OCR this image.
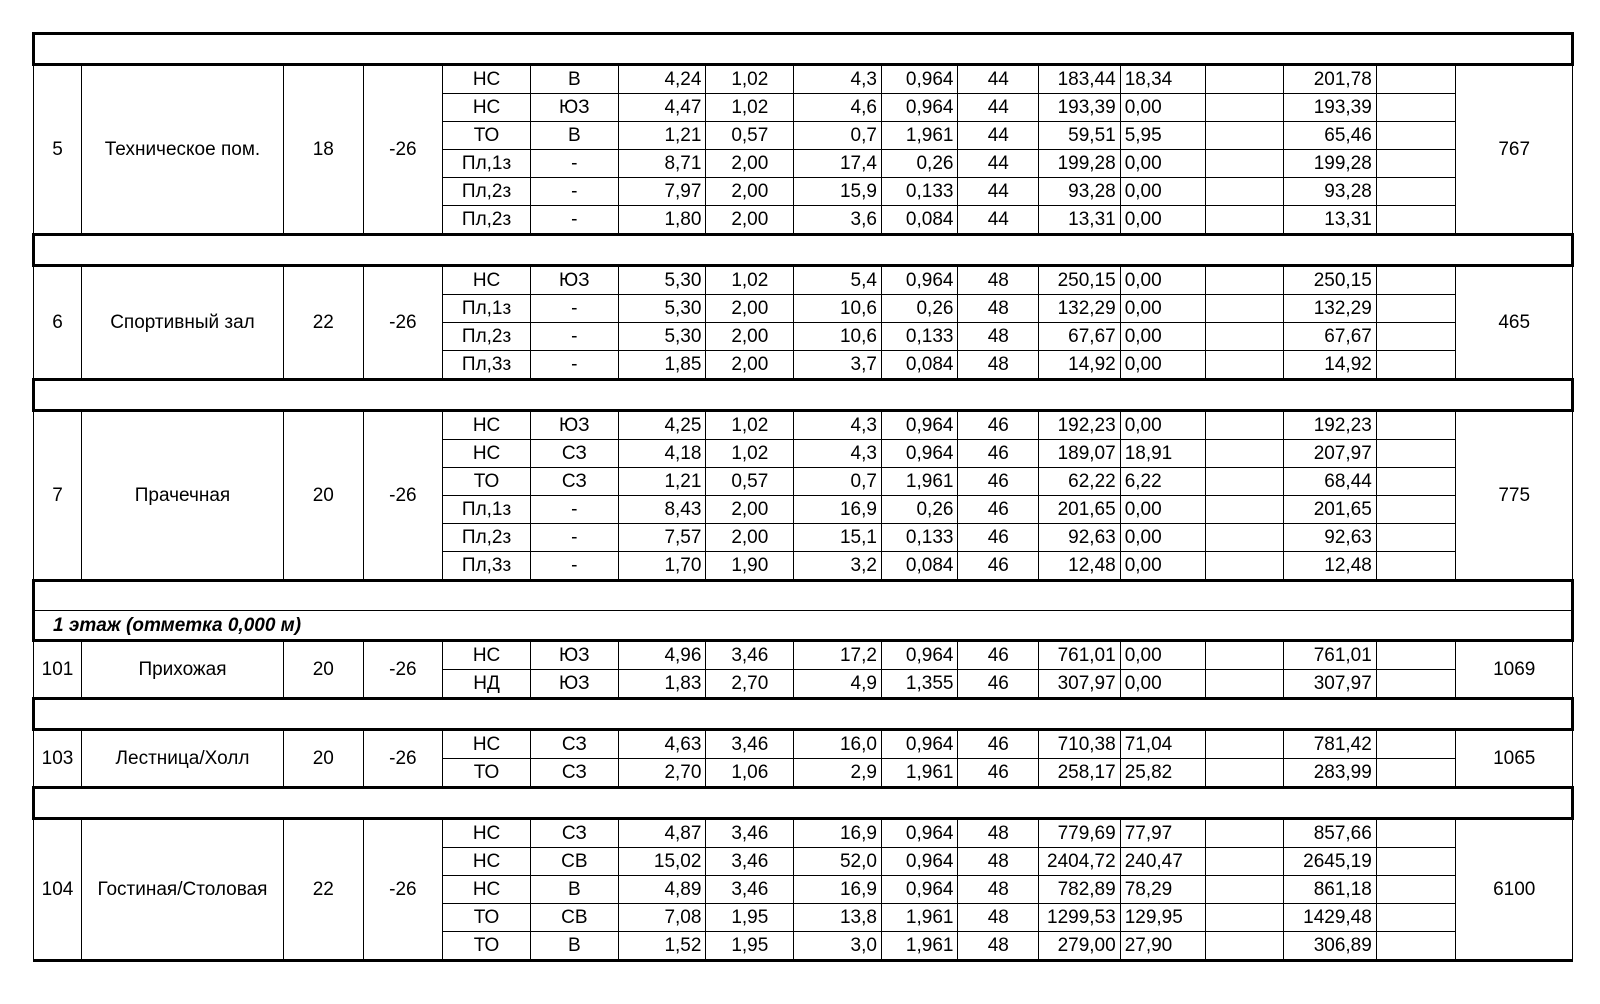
5	Техническое пом.	18	-26	НС	В	4,24	1,02	4,3	0,964	44	183,44	18,34		201,78		767
				НС	ЮЗ	4,47	1,02	4,6	0,964	44	193,39	0,00		193,39		
				ТО	В	1,21	0,57	0,7	1,961	44	59,51	5,95		65,46		
				Пл,1з	-	8,71	2,00	17,4	0,26	44	199,28	0,00		199,28		
				Пл,2з	-	7,97	2,00	15,9	0,133	44	93,28	0,00		93,28		
				Пл,2з	-	1,80	2,00	3,6	0,084	44	13,31	0,00		13,31		

6	Спортивный зал	22	-26	НС	ЮЗ	5,30	1,02	5,4	0,964	48	250,15	0,00		250,15		465
				Пл,1з	-	5,30	2,00	10,6	0,26	48	132,29	0,00		132,29		
				Пл,2з	-	5,30	2,00	10,6	0,133	48	67,67	0,00		67,67		
				Пл,3з	-	1,85	2,00	3,7	0,084	48	14,92	0,00		14,92		

7	Прачечная	20	-26	НС	ЮЗ	4,25	1,02	4,3	0,964	46	192,23	0,00		192,23		775
				НС	СЗ	4,18	1,02	4,3	0,964	46	189,07	18,91		207,97		
				ТО	СЗ	1,21	0,57	0,7	1,961	46	62,22	6,22		68,44		
				Пл,1з	-	8,43	2,00	16,9	0,26	46	201,65	0,00		201,65		
				Пл,2з	-	7,57	2,00	15,1	0,133	46	92,63	0,00		92,63		
				Пл,3з	-	1,70	1,90	3,2	0,084	46	12,48	0,00		12,48		

1 этаж (отметка 0,000 м)																
101	Прихожая	20	-26	НС	ЮЗ	4,96	3,46	17,2	0,964	46	761,01	0,00		761,01		1069
				НД	ЮЗ	1,83	2,70	4,9	1,355	46	307,97	0,00		307,97		

103	Лестница/Холл	20	-26	НС	СЗ	4,63	3,46	16,0	0,964	46	710,38	71,04		781,42		1065
				ТО	СЗ	2,70	1,06	2,9	1,961	46	258,17	25,82		283,99		

104	Гостиная/Столовая	22	-26	НС	СЗ	4,87	3,46	16,9	0,964	48	779,69	77,97		857,66		6100
				НС	СВ	15,02	3,46	52,0	0,964	48	2404,72	240,47		2645,19		
				НС	В	4,89	3,46	16,9	0,964	48	782,89	78,29		861,18		
				ТО	СВ	7,08	1,95	13,8	1,961	48	1299,53	129,95		1429,48		
				ТО	В	1,52	1,95	3,0	1,961	48	279,00	27,90		306,89		
